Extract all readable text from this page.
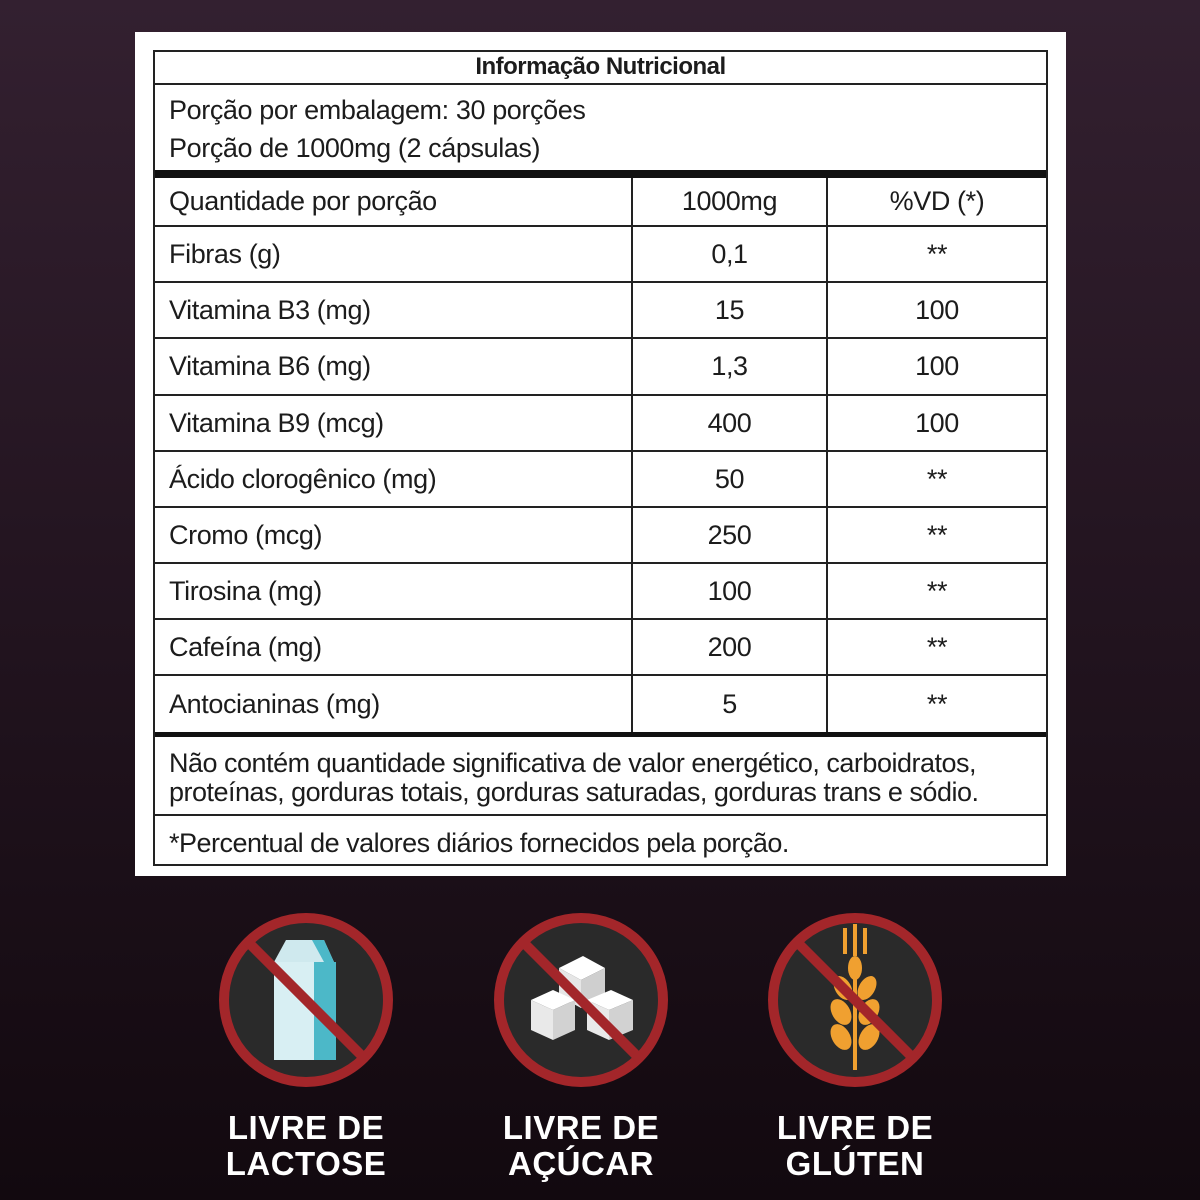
Informação Nutricional
Porção por embalagem: 30 porções
Porção de 1000mg (2 cápsulas)
Quantidade por porção	1000mg	%VD (*)
Fibras (g)	0,1	**
Vitamina B3 (mg)	15	100
Vitamina B6 (mg)	1,3	100
Vitamina B9 (mcg)	400	100
Ácido clorogênico (mg)	50	**
Cromo (mcg)	250	**
Tirosina (mg)	100	**
Cafeína (mg)	200	**
Antocianinas (mg)	5	**
Não contém quantidade significativa de valor energético, carboidratos,
proteínas, gorduras totais, gorduras saturadas, gorduras trans e sódio.
*Percentual de valores diários fornecidos pela porção.
LIVRE DE
LACTOSE
LIVRE DE
AÇÚCAR
LIVRE DE
GLÚTEN
